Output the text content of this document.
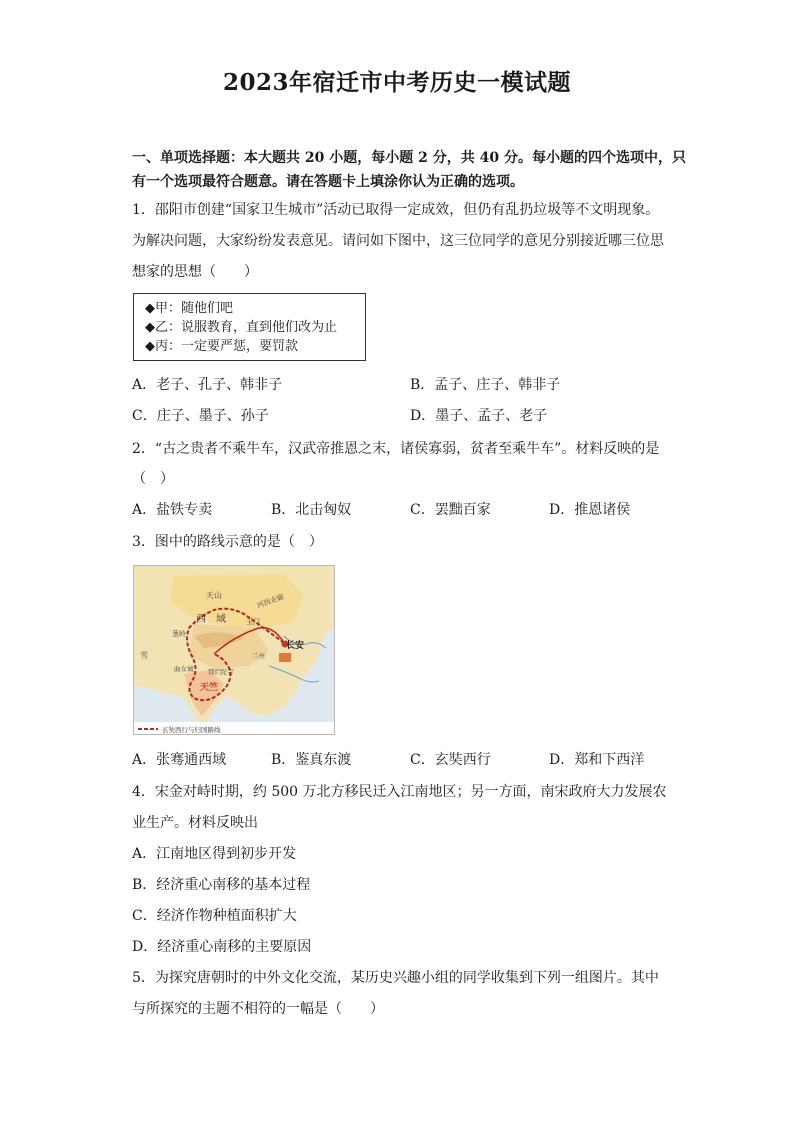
2023年宿迁市中考历史一模试题
一、单项选择题：本大题共 20 小题，每小题 2 分，共 40 分。每小题的四个选项中，只
有一个选项最符合题意。请在答题卡上填涂你认为正确的选项。
1．邵阳市创建“国家卫生城市”活动已取得一定成效，但仍有乱扔垃圾等不文明现象。
为解决问题，大家纷纷发表意见。请问如下图中，这三位同学的意见分别接近哪三位思
想家的思想（　　）
◆甲：随他们吧
◆乙：说服教育，直到他们改为止
◆丙：一定要严惩，要罚款
A．老子、孔子、韩非子	B．孟子、庄子、韩非子
C．庄子、墨子、孙子	D．墨子、孟子、老子
2．“古之贵者不乘牛车，汉武帝推恩之末，诸侯寡弱，贫者至乘牛车”。材料反映的是
（　）
A．盐铁专卖	B．北击匈奴	C．罢黜百家	D．推恩诸侯
3．图中的路线示意的是（　）
玄奘西行与归国路线
天山
西　域
葱岭
玉门
河西走廊
长安
兰州
雪
曲女城 那烂陀寺
天竺
A．张骞通西域	B．鉴真东渡	C．玄奘西行	D．郑和下西洋
4．宋金对峙时期，约 500 万北方移民迁入江南地区；另一方面，南宋政府大力发展农
业生产。材料反映出
A．江南地区得到初步开发
B．经济重心南移的基本过程
C．经济作物种植面积扩大
D．经济重心南移的主要原因
5．为探究唐朝时的中外文化交流，某历史兴趣小组的同学收集到下列一组图片。其中
与所探究的主题不相符的一幅是（　　）
